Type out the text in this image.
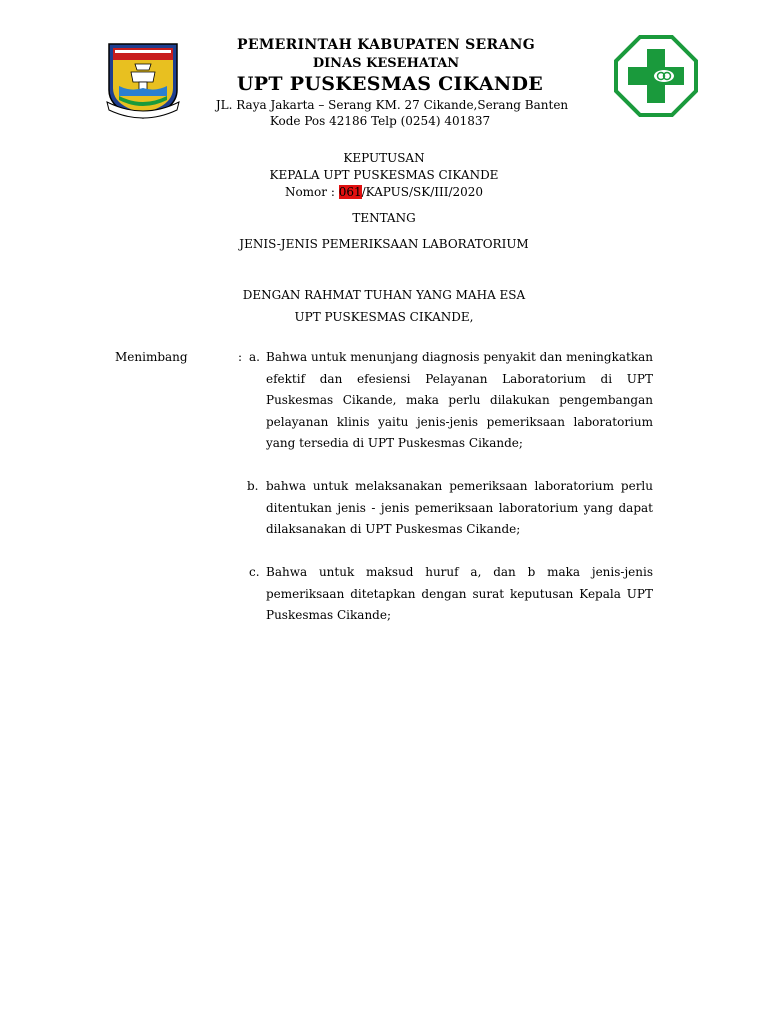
PEMERINTAH KABUPATEN SERANG
DINAS KESEHATAN
UPT PUSKESMAS CIKANDE
JL. Raya Jakarta – Serang KM. 27 Cikande,Serang Banten
Kode Pos 42186 Telp (0254) 401837
KEPUTUSAN
KEPALA UPT PUSKESMAS CIKANDE
Nomor : 061/KAPUS/SK/III/2020
TENTANG
JENIS-JENIS PEMERIKSAAN LABORATORIUM
DENGAN RAHMAT TUHAN YANG MAHA ESA
UPT PUSKESMAS CIKANDE,
Menimbang	: a. Bahwa untuk menunjang diagnosis penyakit dan meningkatkan efektif dan efesiensi Pelayanan Laboratorium di UPT Puskesmas Cikande, maka perlu dilakukan pengembangan pelayanan klinis yaitu jenis-jenis pemeriksaan laboratorium yang tersedia di UPT Puskesmas Cikande;
b. bahwa untuk melaksanakan pemeriksaan laboratorium perlu ditentukan jenis - jenis pemeriksaan laboratorium yang dapat dilaksanakan di UPT Puskesmas Cikande;
c. Bahwa untuk maksud huruf a, dan b maka jenis-jenis pemeriksaan ditetapkan dengan surat keputusan Kepala UPT Puskesmas Cikande;
